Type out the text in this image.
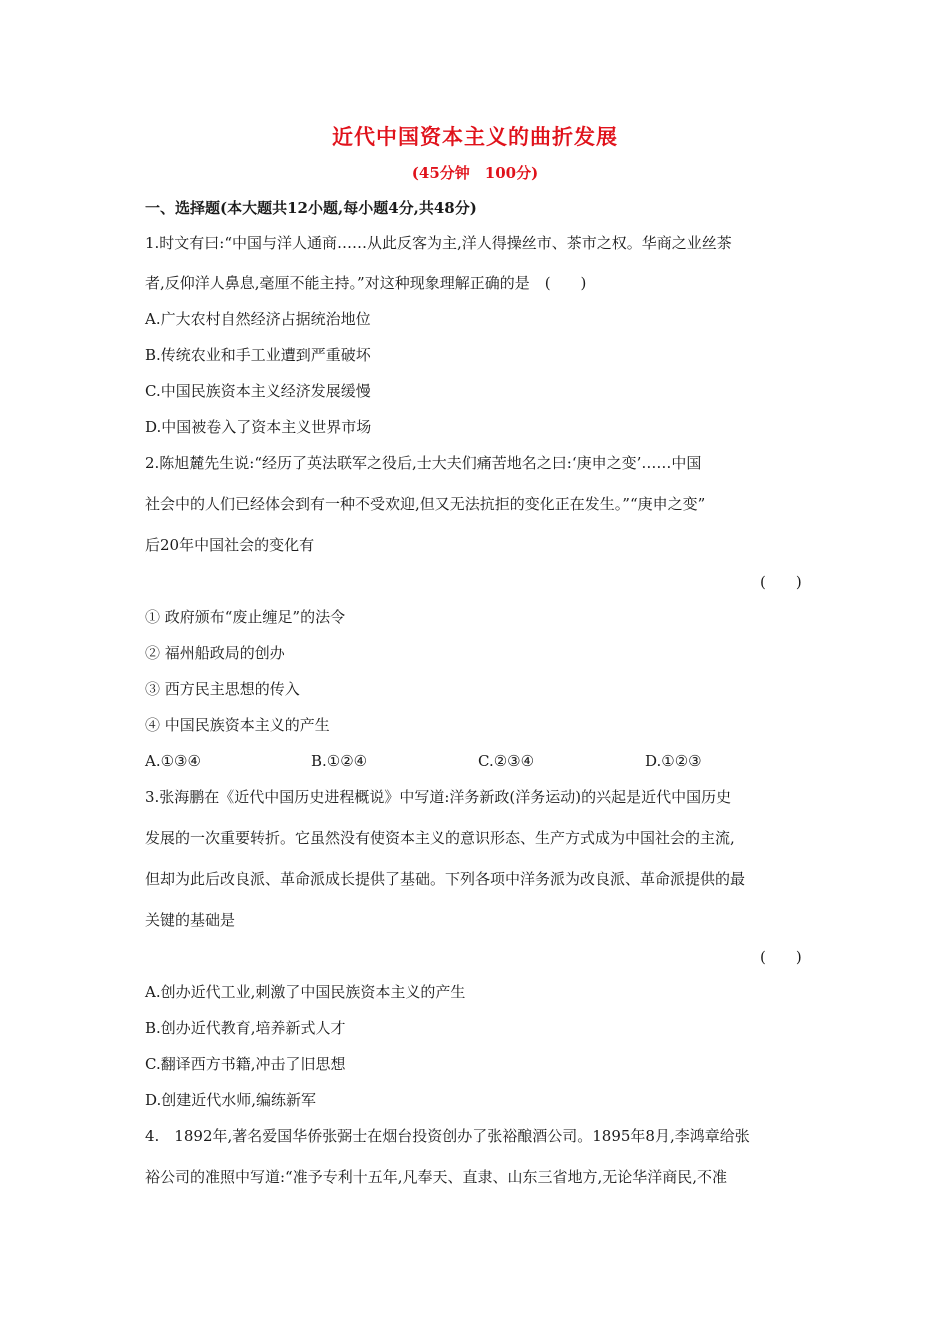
近代中国资本主义的曲折发展
(45分钟　100分)
一、选择题(本大题共12小题,每小题4分,共48分)
1.时文有曰:“中国与洋人通商……从此反客为主,洋人得操丝市、茶市之权。华商之业丝茶
者,反仰洋人鼻息,毫厘不能主持。”对这种现象理解正确的是　(　　)
A.广大农村自然经济占据统治地位
B.传统农业和手工业遭到严重破坏
C.中国民族资本主义经济发展缓慢
D.中国被卷入了资本主义世界市场
2.陈旭麓先生说:“经历了英法联军之役后,士大夫们痛苦地名之曰:‘庚申之变’……中国
社会中的人们已经体会到有一种不受欢迎,但又无法抗拒的变化正在发生。”“庚申之变”
后20年中国社会的变化有
(　　)
① 政府颁布“废止缠足”的法令
② 福州船政局的创办
③ 西方民主思想的传入
④ 中国民族资本主义的产生
A.①③④	B.①②④	C.②③④	D.①②③
3.张海鹏在《近代中国历史进程概说》中写道:洋务新政(洋务运动)的兴起是近代中国历史
发展的一次重要转折。它虽然没有使资本主义的意识形态、生产方式成为中国社会的主流,
但却为此后改良派、革命派成长提供了基础。下列各项中洋务派为改良派、革命派提供的最
关键的基础是
(　　)
A.创办近代工业,刺激了中国民族资本主义的产生
B.创办近代教育,培养新式人才
C.翻译西方书籍,冲击了旧思想
D.创建近代水师,编练新军
4.　1892年,著名爱国华侨张弼士在烟台投资创办了张裕酿酒公司。1895年8月,李鸿章给张
裕公司的准照中写道:“准予专利十五年,凡奉天、直隶、山东三省地方,无论华洋商民,不准
